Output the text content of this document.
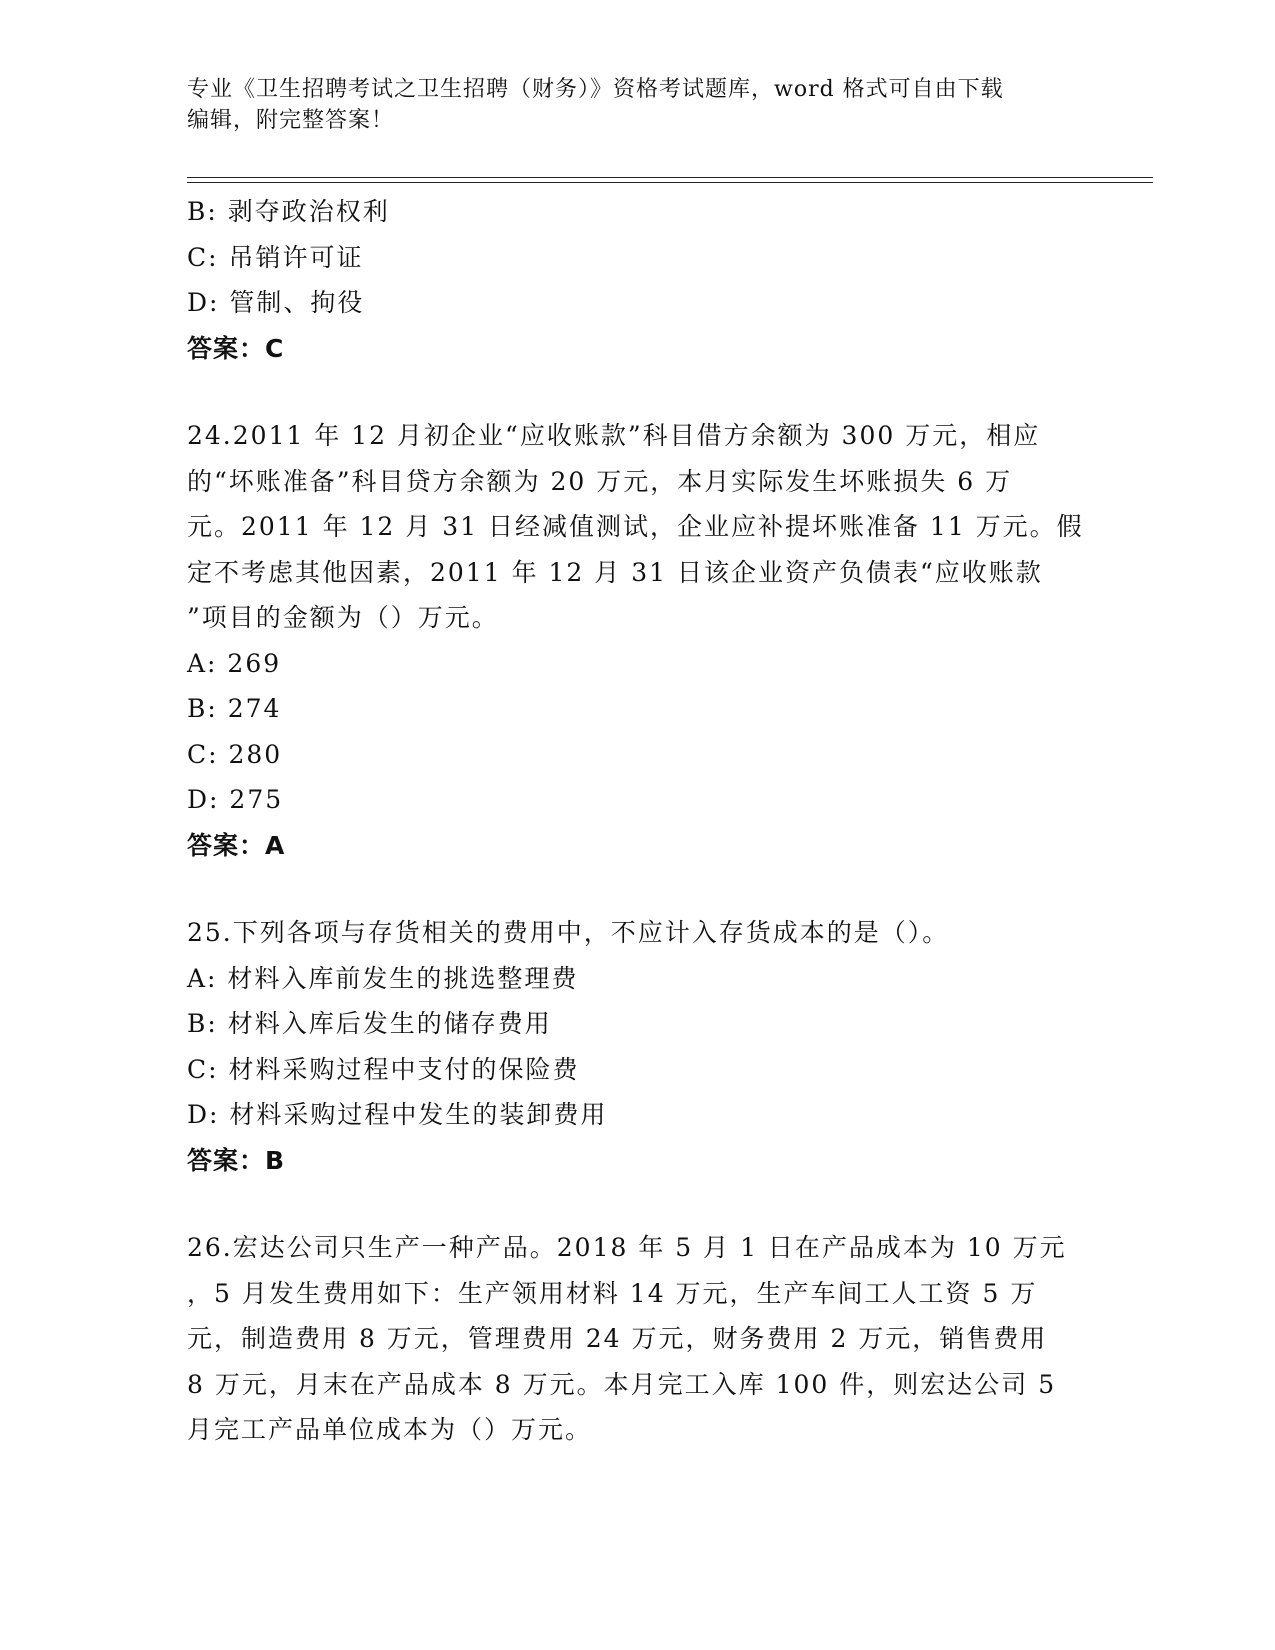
专业《卫生招聘考试之卫生招聘（财务）》资格考试题库，word 格式可自由下载
编辑，附完整答案！
B: 剥夺政治权利
C: 吊销许可证
D: 管制、拘役
答案：C
24.2011 年 12 月初企业“应收账款”科目借方余额为 300 万元，相应
的“坏账准备”科目贷方余额为 20 万元，本月实际发生坏账损失 6 万
元。2011 年 12 月 31 日经减值测试，企业应补提坏账准备 11 万元。假
定不考虑其他因素，2011 年 12 月 31 日该企业资产负债表“应收账款
”项目的金额为（）万元。
A: 269
B: 274
C: 280
D: 275
答案：A
25.下列各项与存货相关的费用中，不应计入存货成本的是（）。
A: 材料入库前发生的挑选整理费
B: 材料入库后发生的储存费用
C: 材料采购过程中支付的保险费
D: 材料采购过程中发生的装卸费用
答案：B
26.宏达公司只生产一种产品。2018 年 5 月 1 日在产品成本为 10 万元
，5 月发生费用如下：生产领用材料 14 万元，生产车间工人工资 5 万
元，制造费用 8 万元，管理费用 24 万元，财务费用 2 万元，销售费用
8 万元，月末在产品成本 8 万元。本月完工入库 100 件，则宏达公司 5
月完工产品单位成本为（）万元。
